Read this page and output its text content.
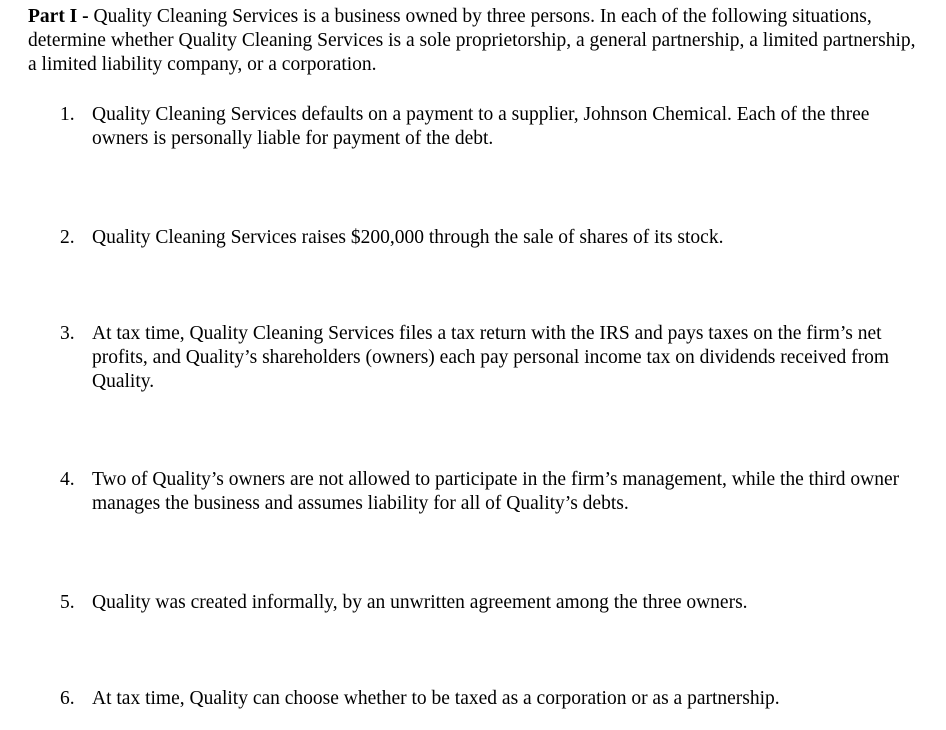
Part I - Quality Cleaning Services is a business owned by three persons. In each of the following situations, determine whether Quality Cleaning Services is a sole proprietorship, a general partnership, a limited partnership, a limited liability company, or a corporation.
1. Quality Cleaning Services defaults on a payment to a supplier, Johnson Chemical. Each of the three owners is personally liable for payment of the debt.
2. Quality Cleaning Services raises $200,000 through the sale of shares of its stock.
3. At tax time, Quality Cleaning Services files a tax return with the IRS and pays taxes on the firm’s net profits, and Quality’s shareholders (owners) each pay personal income tax on dividends received from Quality.
4. Two of Quality’s owners are not allowed to participate in the firm’s management, while the third owner manages the business and assumes liability for all of Quality’s debts.
5. Quality was created informally, by an unwritten agreement among the three owners.
6. At tax time, Quality can choose whether to be taxed as a corporation or as a partnership.
